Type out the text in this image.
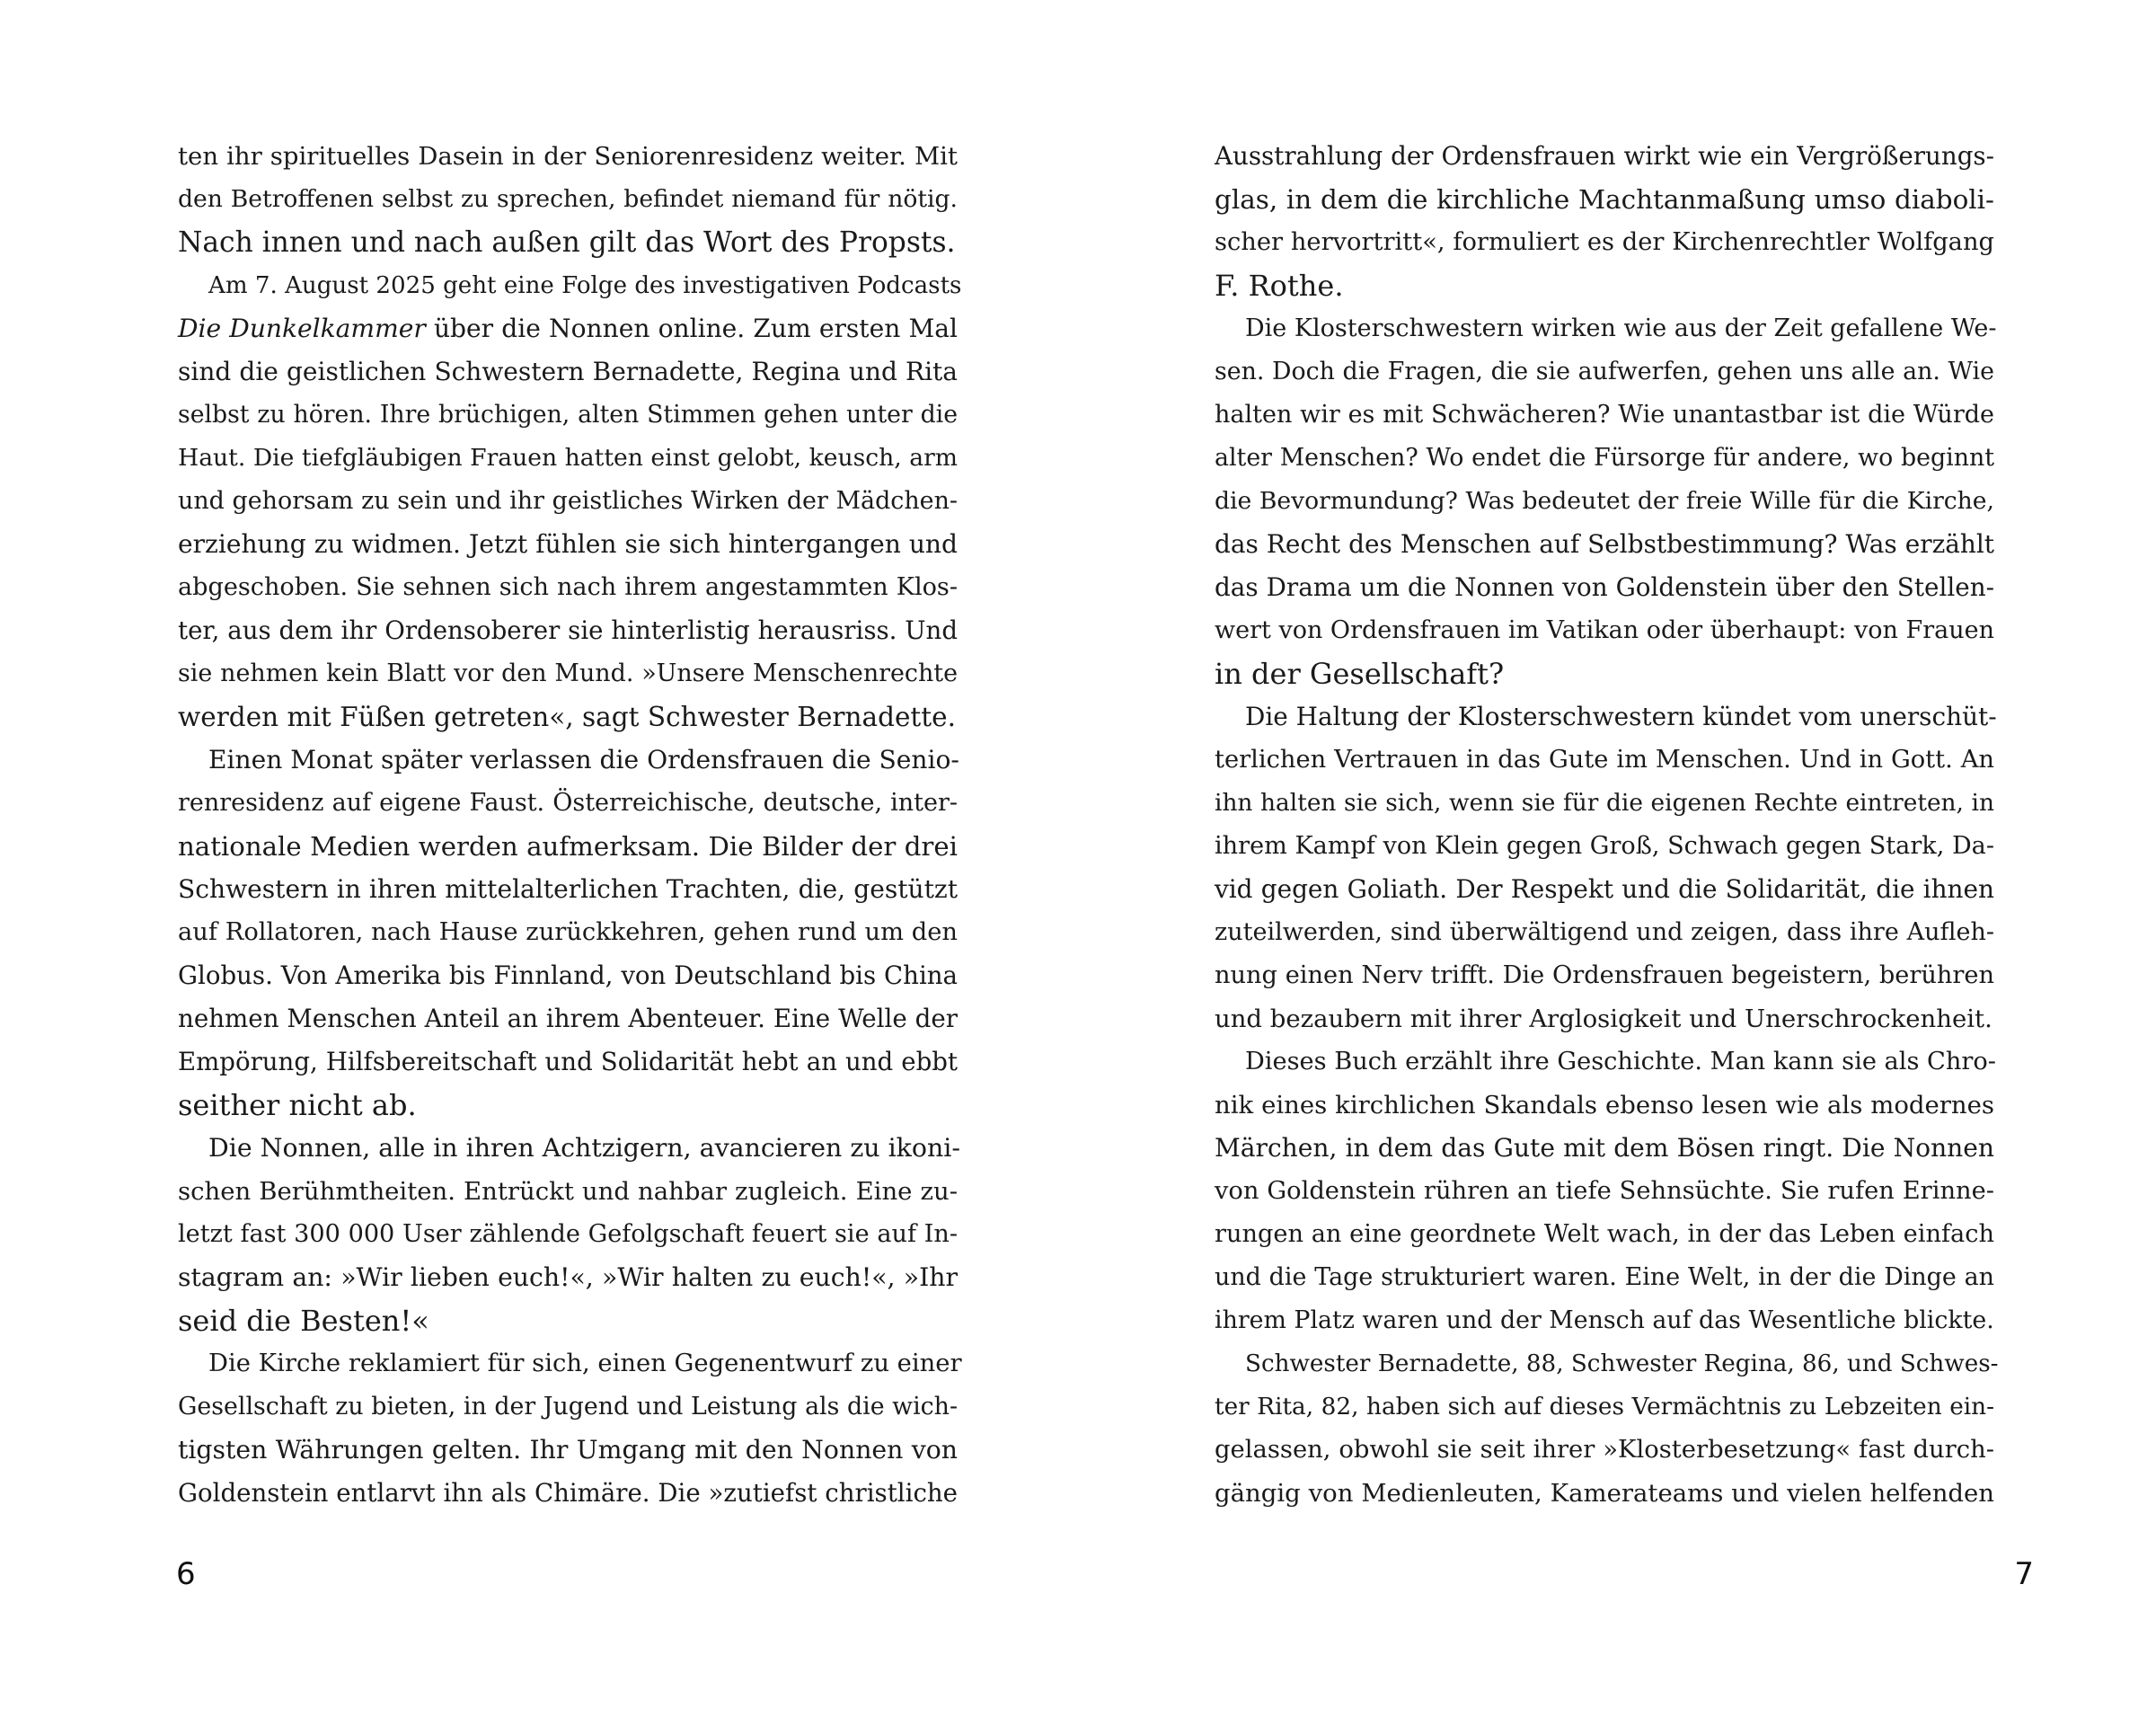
ten ihr spirituelles Dasein in der Seniorenresidenz weiter. Mit
den Betroffenen selbst zu sprechen, befindet niemand für nötig.
Nach innen und nach außen gilt das Wort des Propsts.
Am 7. August 2025 geht eine Folge des investigativen Podcasts
Die Dunkelkammer über die Nonnen online. Zum ersten Mal
sind die geistlichen Schwestern Bernadette, Regina und Rita
selbst zu hören. Ihre brüchigen, alten Stimmen gehen unter die
Haut. Die tiefgläubigen Frauen hatten einst gelobt, keusch, arm
und gehorsam zu sein und ihr geistliches Wirken der Mädchen-
erziehung zu widmen. Jetzt fühlen sie sich hintergangen und
abgeschoben. Sie sehnen sich nach ihrem angestammten Klos-
ter, aus dem ihr Ordensoberer sie hinterlistig herausriss. Und
sie nehmen kein Blatt vor den Mund. »Unsere Menschenrechte
werden mit Füßen getreten«, sagt Schwester Bernadette.
Einen Monat später verlassen die Ordensfrauen die Senio-
renresidenz auf eigene Faust. Österreichische, deutsche, inter-
nationale Medien werden aufmerksam. Die Bilder der drei
Schwestern in ihren mittelalterlichen Trachten, die, gestützt
auf Rollatoren, nach Hause zurückkehren, gehen rund um den
Globus. Von Amerika bis Finnland, von Deutschland bis China
nehmen Menschen Anteil an ihrem Abenteuer. Eine Welle der
Empörung, Hilfsbereitschaft und Solidarität hebt an und ebbt
seither nicht ab.
Die Nonnen, alle in ihren Achtzigern, avancieren zu ikoni-
schen Berühmtheiten. Entrückt und nahbar zugleich. Eine zu-
letzt fast 300 000 User zählende Gefolgschaft feuert sie auf In-
stagram an: »Wir lieben euch!«, »Wir halten zu euch!«, »Ihr
seid die Besten!«
Die Kirche reklamiert für sich, einen Gegenentwurf zu einer
Gesellschaft zu bieten, in der Jugend und Leistung als die wich-
tigsten Währungen gelten. Ihr Umgang mit den Nonnen von
Goldenstein entlarvt ihn als Chimäre. Die »zutiefst christliche
6
Ausstrahlung der Ordensfrauen wirkt wie ein Vergrößerungs-
glas, in dem die kirchliche Machtanmaßung umso diaboli-
scher hervortritt«, formuliert es der Kirchenrechtler Wolfgang
F. Rothe.
Die Klosterschwestern wirken wie aus der Zeit gefallene We-
sen. Doch die Fragen, die sie aufwerfen, gehen uns alle an. Wie
halten wir es mit Schwächeren? Wie unantastbar ist die Würde
alter Menschen? Wo endet die Fürsorge für andere, wo beginnt
die Bevormundung? Was bedeutet der freie Wille für die Kirche,
das Recht des Menschen auf Selbstbestimmung? Was erzählt
das Drama um die Nonnen von Goldenstein über den Stellen-
wert von Ordensfrauen im Vatikan oder überhaupt: von Frauen
in der Gesellschaft?
Die Haltung der Klosterschwestern kündet vom unerschüt-
terlichen Vertrauen in das Gute im Menschen. Und in Gott. An
ihn halten sie sich, wenn sie für die eigenen Rechte eintreten, in
ihrem Kampf von Klein gegen Groß, Schwach gegen Stark, Da-
vid gegen Goliath. Der Respekt und die Solidarität, die ihnen
zuteilwerden, sind überwältigend und zeigen, dass ihre Aufleh-
nung einen Nerv trifft. Die Ordensfrauen begeistern, berühren
und bezaubern mit ihrer Arglosigkeit und Unerschrockenheit.
Dieses Buch erzählt ihre Geschichte. Man kann sie als Chro-
nik eines kirchlichen Skandals ebenso lesen wie als modernes
Märchen, in dem das Gute mit dem Bösen ringt. Die Nonnen
von Goldenstein rühren an tiefe Sehnsüchte. Sie rufen Erinne-
rungen an eine geordnete Welt wach, in der das Leben einfach
und die Tage strukturiert waren. Eine Welt, in der die Dinge an
ihrem Platz waren und der Mensch auf das Wesentliche blickte.
Schwester Bernadette, 88, Schwester Regina, 86, und Schwes-
ter Rita, 82, haben sich auf dieses Vermächtnis zu Lebzeiten ein-
gelassen, obwohl sie seit ihrer »Klosterbesetzung« fast durch-
gängig von Medienleuten, Kamerateams und vielen helfenden
7
